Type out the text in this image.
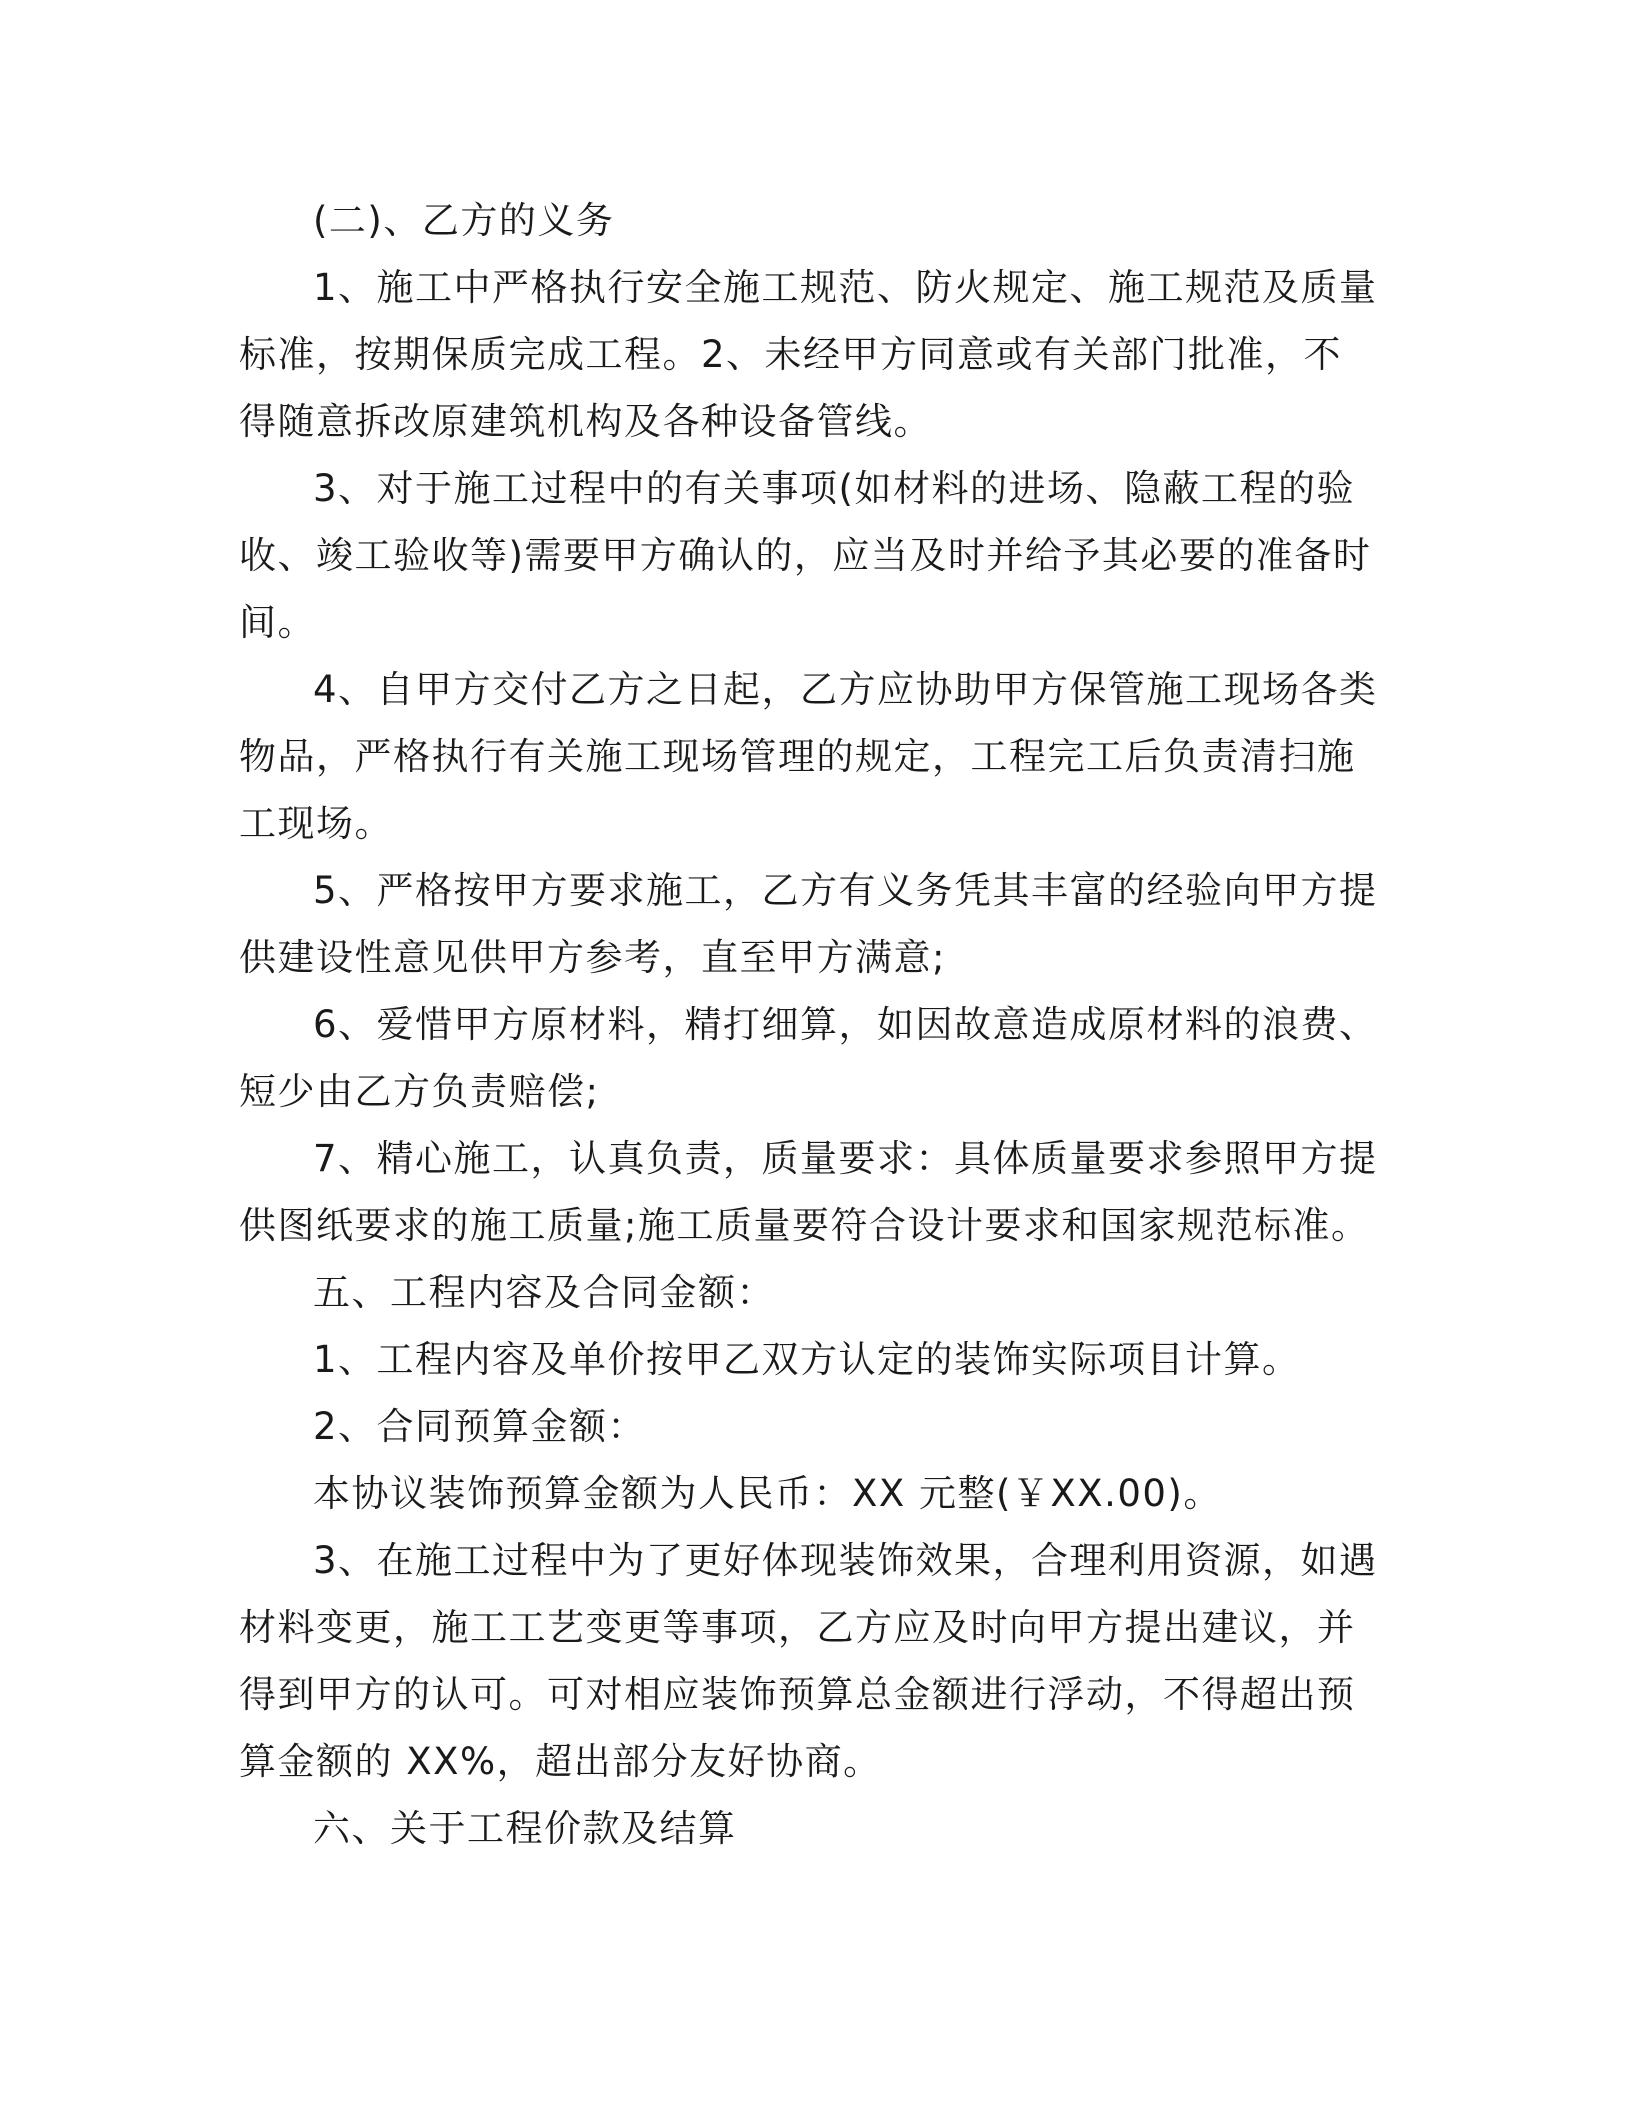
(二)、乙方的义务

1、施工中严格执行安全施工规范、防火规定、施工规范及质量标准，按期保质完成工程。2、未经甲方同意或有关部门批准，不得随意拆改原建筑机构及各种设备管线。

3、对于施工过程中的有关事项(如材料的进场、隐蔽工程的验收、竣工验收等)需要甲方确认的，应当及时并给予其必要的准备时间。

4、自甲方交付乙方之日起，乙方应协助甲方保管施工现场各类物品，严格执行有关施工现场管理的规定，工程完工后负责清扫施工现场。

5、严格按甲方要求施工，乙方有义务凭其丰富的经验向甲方提供建设性意见供甲方参考，直至甲方满意;

6、爱惜甲方原材料，精打细算，如因故意造成原材料的浪费、短少由乙方负责赔偿;

7、精心施工，认真负责，质量要求：具体质量要求参照甲方提供图纸要求的施工质量;施工质量要符合设计要求和国家规范标准。

五、工程内容及合同金额：

1、工程内容及单价按甲乙双方认定的装饰实际项目计算。

2、合同预算金额：

本协议装饰预算金额为人民币：XX 元整(￥XX.00)。

3、在施工过程中为了更好体现装饰效果，合理利用资源，如遇材料变更，施工工艺变更等事项，乙方应及时向甲方提出建议，并得到甲方的认可。可对相应装饰预算总金额进行浮动，不得超出预算金额的 XX%，超出部分友好协商。

六、关于工程价款及结算
